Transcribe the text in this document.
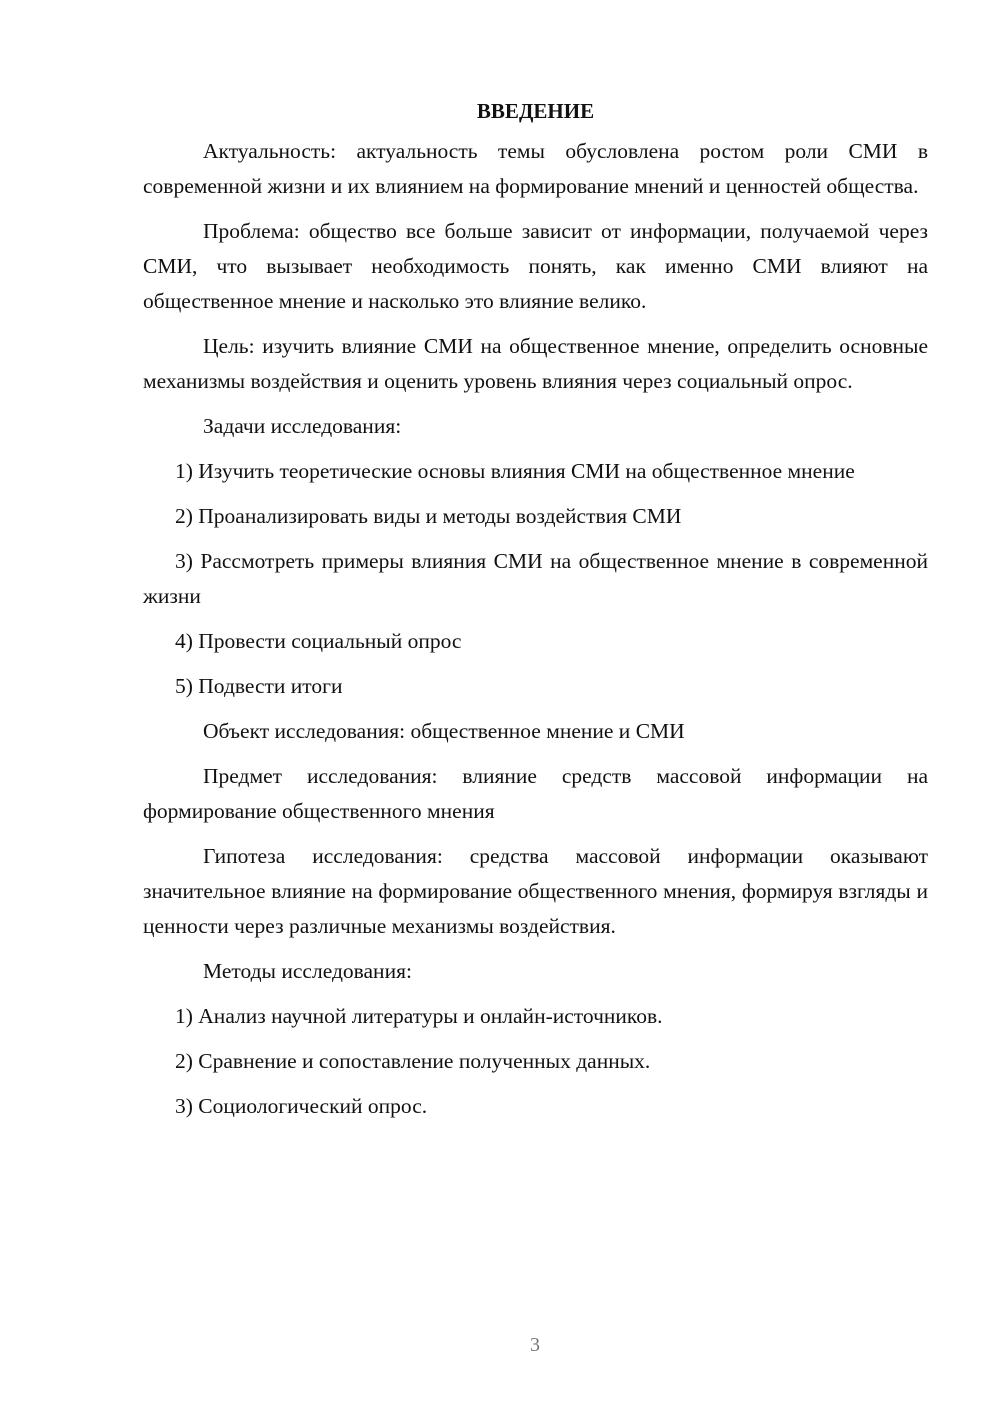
ВВЕДЕНИЕ

Актуальность: актуальность темы обусловлена ростом роли СМИ в современной жизни и их влиянием на формирование мнений и ценностей общества.

Проблема: общество все больше зависит от информации, получаемой через СМИ, что вызывает необходимость понять, как именно СМИ влияют на общественное мнение и насколько это влияние велико.

Цель: изучить влияние СМИ на общественное мнение, определить основные механизмы воздействия и оценить уровень влияния через социальный опрос.

Задачи исследования:

1) Изучить теоретические основы влияния СМИ на общественное мнение

2) Проанализировать виды и методы воздействия СМИ

3) Рассмотреть примеры влияния СМИ на общественное мнение в современной жизни

4) Провести социальный опрос

5) Подвести итоги

Объект исследования: общественное мнение и СМИ

Предмет исследования: влияние средств массовой информации на формирование общественного мнения

Гипотеза исследования: средства массовой информации оказывают значительное влияние на формирование общественного мнения, формируя взгляды и ценности через различные механизмы воздействия.

Методы исследования:

1) Анализ научной литературы и онлайн-источников.

2) Сравнение и сопоставление полученных данных.

3) Социологический опрос.

3
